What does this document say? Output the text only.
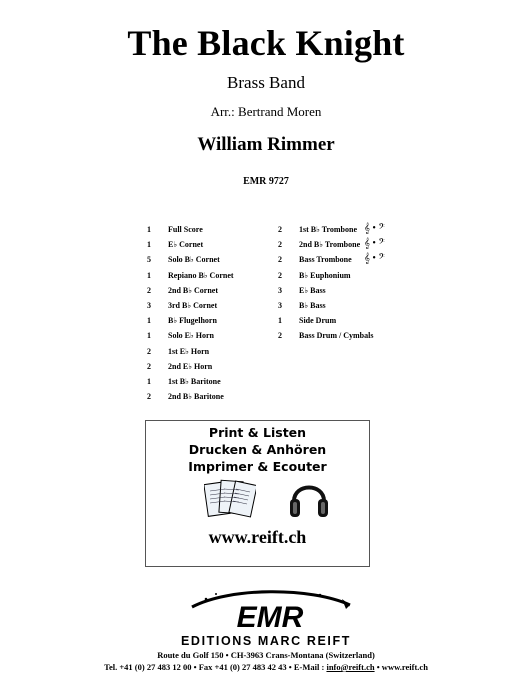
The Black Knight
Brass Band
Arr.: Bertrand Moren
William Rimmer
EMR 9727
1	Full Score
1	E♭ Cornet
5	Solo B♭ Cornet
1	Repiano B♭ Cornet
2	2nd B♭ Cornet
3	3rd B♭ Cornet
1	B♭ Flugelhorn
1	Solo E♭ Horn
2	1st E♭ Horn
2	2nd E♭ Horn
1	1st B♭ Baritone
2	2nd B♭ Baritone
2	1st B♭ Trombone 𝄞 • 𝄢
2	2nd B♭ Trombone 𝄞 • 𝄢
2	Bass Trombone 𝄞 • 𝄢
2	B♭ Euphonium
3	E♭ Bass
3	B♭ Bass
1	Side Drum
2	Bass Drum / Cymbals
Print & Listen
Drucken & Anhören
Imprimer & Ecouter
www.reift.ch
EMR
EDITIONS MARC REIFT
Route du Golf 150 • CH-3963 Crans-Montana (Switzerland)
Tel. +41 (0) 27 483 12 00 • Fax +41 (0) 27 483 42 43 • E-Mail : info@reift.ch • www.reift.ch
